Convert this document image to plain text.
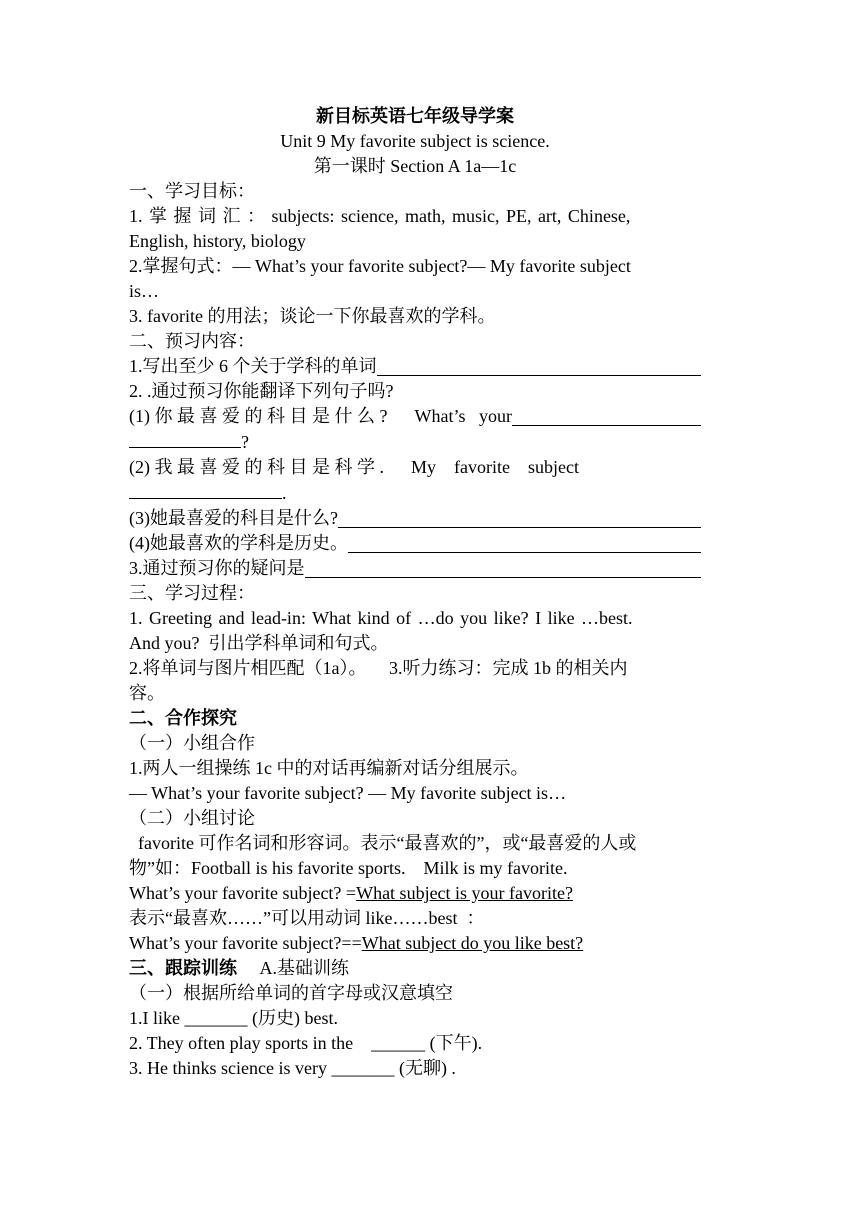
新目标英语七年级导学案
Unit 9 My favorite subject is science.
第一课时 Section A 1a—1c
一、学习目标：
1. 掌 握 词 汇 ： subjects: science, math, music, PE, art, Chinese,
English, history, biology
2.掌握句式：— What’s your favorite subject?— My favorite subject
is…
3. favorite 的用法；谈论一下你最喜欢的学科。
二、预习内容：
1.写出至少 6 个关于学科的单词
2. .通过预习你能翻译下列句子吗?
(1) 你 最 喜 爱 的 科 目 是 什 么 ?      What’s   your
?
(2) 我 最 喜 爱 的 科 目 是 科 学 .      My    favorite    subject
.
(3)她最喜爱的科目是什么?
(4)她最喜欢的学科是历史。
3.通过预习你的疑问是
三、学习过程：
1. Greeting and lead-in: What kind of …do you like? I like …best.
And you?  引出学科单词和句式。
2.将单词与图片相匹配（1a）。     3.听力练习：完成 1b 的相关内
容。
二、合作探究
（一）小组合作
1.两人一组操练 1c 中的对话再编新对话分组展示。
— What’s your favorite subject? — My favorite subject is…
（二）小组讨论
favorite 可作名词和形容词。表示“最喜欢的”，或“最喜爱的人或
物”如：Football is his favorite sports.    Milk is my favorite.
What’s your favorite subject? =What subject is your favorite?
表示“最喜欢……”可以用动词 like……best  ：
What’s your favorite subject?==What subject do you like best?
三、跟踪训练     A.基础训练
（一）根据所给单词的首字母或汉意填空
1.I like _______ (历史) best.
2. They often play sports in the    ______ (下午).
3. He thinks science is very _______ (无聊) .
